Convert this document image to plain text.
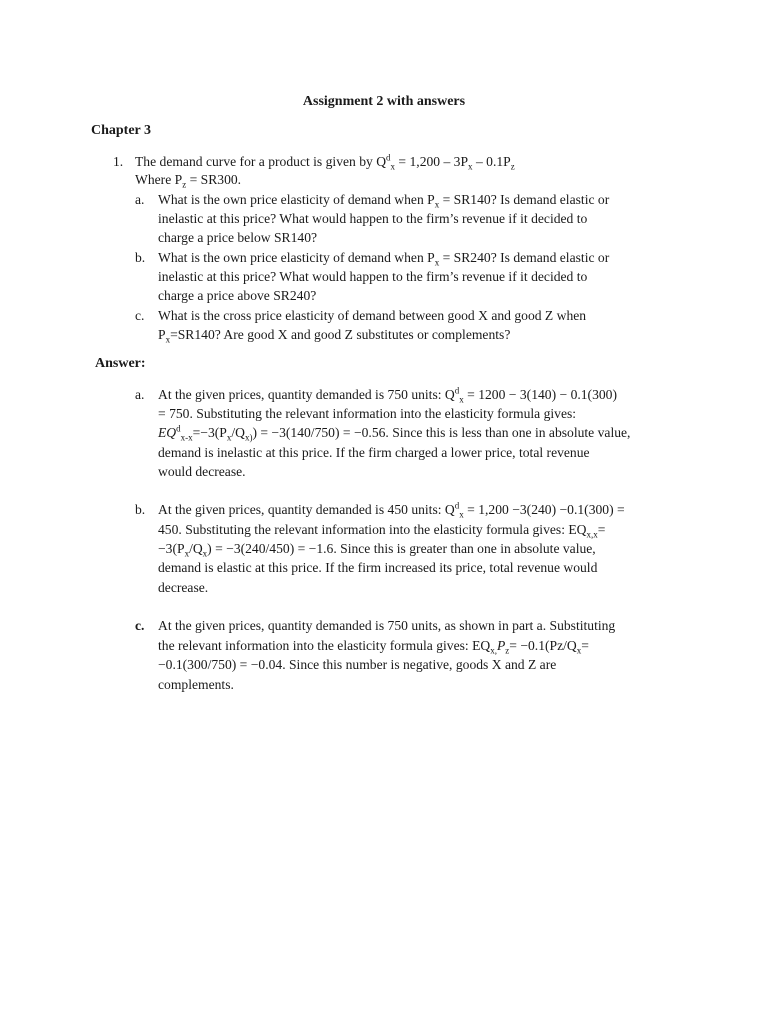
Assignment 2 with answers
Chapter 3
1. The demand curve for a product is given by $Q^d_x = 1,200 - 3P_x - 0.1P_z$
Where $P_z = SR300$.
a. What is the own price elasticity of demand when $P_x = SR140$? Is demand elastic or
inelastic at this price? What would happen to the firm’s revenue if it decided to
charge a price below SR140?
b. What is the own price elasticity of demand when $P_x = SR240$? Is demand elastic or
inelastic at this price? What would happen to the firm’s revenue if it decided to
charge a price above SR240?
c. What is the cross price elasticity of demand between good X and good Z when
$P_x=SR140$? Are good X and good Z substitutes or complements?
Answer:
a. At the given prices, quantity demanded is 750 units: $Q^d_x = 1200 - 3(140) - 0.1(300)$
= 750. Substituting the relevant information into the elasticity formula gives:
$EQ^d_{x-x}=-3(P_x/Q_{x)}) = -3(140/750) = -0.56$. Since this is less than one in absolute value,
demand is inelastic at this price. If the firm charged a lower price, total revenue
would decrease.
b. At the given prices, quantity demanded is 450 units: $Q^d_x = 1,200 -3(240) -0.1(300)$ =
450. Substituting the relevant information into the elasticity formula gives: $EQ_{x,x}=$
$-3(P_x/Q_x) = -3(240/450) = -1.6$. Since this is greater than one in absolute value,
demand is elastic at this price. If the firm increased its price, total revenue would
decrease.
c. At the given prices, quantity demanded is 750 units, as shown in part a. Substituting
the relevant information into the elasticity formula gives: $EQ_{x,}P_z= -0.1(Pz/Q_x=$
−0.1(300/750) = −0.04. Since this number is negative, goods X and Z are
complements.
